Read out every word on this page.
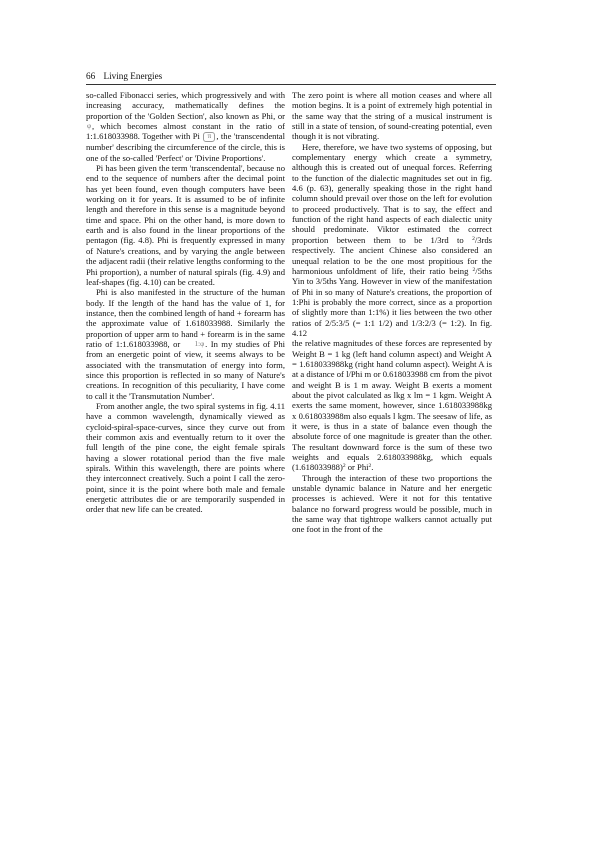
66 Living Energies

so-called Fibonacci series, which progressively and with increasing accuracy, mathematically defines the proportion of the 'Golden Section', also known as Phi, or φ, which becomes almost constant in the ratio of 1:1.618033988. Together with Pi π , the 'transcendental number' describing the circumference of the circle, this is one of the so-called 'Perfect' or 'Divine Proportions'.

Pi has been given the term 'transcendental', because no end to the sequence of numbers after the decimal point has yet been found, even though computers have been working on it for years. It is assumed to be of infinite length and therefore in this sense is a magnitude beyond time and space. Phi on the other hand, is more down to earth and is also found in the linear proportions of the pentagon (fig. 4.8). Phi is frequently expressed in many of Nature's creations, and by varying the angle between the adjacent radii (their relative lengths conforming to the Phi proportion), a number of natural spirals (fig. 4.9) and leaf-shapes (fig. 4.10) can be created.

Phi is also manifested in the structure of the human body. If the length of the hand has the value of 1, for instance, then the combined length of hand + forearm has the approximate value of 1.618033988. Similarly the proportion of upper arm to hand + forearm is in the same ratio of 1:1.618033988, or 1:φ. In my studies of Phi from an energetic point of view, it seems always to be associated with the transmutation of energy into form, since this proportion is reflected in so many of Nature's creations. In recognition of this peculiarity, I have come to call it the 'Transmutation Number'.

From another angle, the two spiral systems in fig. 4.11 have a common wavelength, dynamically viewed as cycloid-spiral-space-curves, since they curve out from their common axis and eventually return to it over the full length of the pine cone, the eight female spirals having a slower rotational period than the five male spirals. Within this wavelength, there are points where they interconnect creatively. Such a point I call the zero-point, since it is the point where both male and female energetic attributes die or are temporarily suspended in order that new life can be created.

The zero point is where all motion ceases and where all motion begins. It is a point of extremely high potential in the same way that the string of a musical instrument is still in a state of tension, of sound-creating potential, even though it is not vibrating.

Here, therefore, we have two systems of opposing, but complementary energy which create a symmetry, although this is created out of unequal forces. Referring to the function of the dialectic magnitudes set out in fig. 4.6 (p. 63), generally speaking those in the right hand column should prevail over those on the left for evolution to proceed productively. That is to say, the effect and function of the right hand aspects of each dialectic unity should predominate. Viktor estimated the correct proportion between them to be 1/3rd to $^2$/3rds respectively. The ancient Chinese also considered an unequal relation to be the one most propitious for the harmonious unfoldment of life, their ratio being $^2$/5ths Yin to 3/5ths Yang. However in view of the manifestation of Phi in so many of Nature's creations, the proportion of 1:Phi is probably the more correct, since as a proportion of slightly more than 1:1%) it lies between the two other ratios of 2/5:3/5 (= 1:1 1/2) and 1/3:2/3 (= 1:2). In fig. 4.12

the relative magnitudes of these forces are represented by Weight B = 1 kg (left hand column aspect) and Weight A = 1.618033988kg (right hand column aspect). Weight A is at a distance of l/Phi m or 0.618033988 cm from the pivot and weight B is 1 m away. Weight B exerts a moment about the pivot calculated as lkg x lm = 1 kgm. Weight A exerts the same moment, however, since 1.618033988kg x 0.618033988m also equals l kgm. The seesaw of life, as it were, is thus in a state of balance even though the absolute force of one magnitude is greater than the other. The resultant downward force is the sum of these two weights and equals 2.618033988kg, which equals $(1.618033988)^2$ or Phi$^2$.

Through the interaction of these two proportions the unstable dynamic balance in Nature and her energetic processes is achieved. Were it not for this tentative balance no forward progress would be possible, much in the same way that tightrope walkers cannot actually put one foot in the front of the
